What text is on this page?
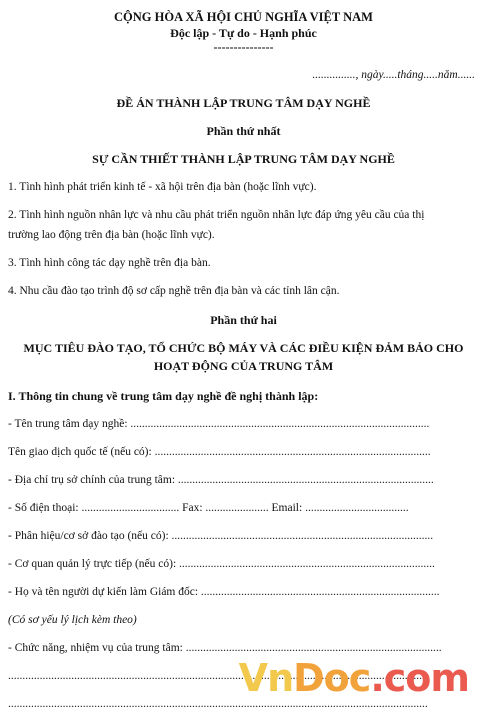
CỘNG HÒA XÃ HỘI CHỦ NGHĨA VIỆT NAM
Độc lập - Tự do - Hạnh phúc
---------------
..............., ngày.....tháng.....năm......
ĐỀ ÁN THÀNH LẬP TRUNG TÂM DẠY NGHỀ
Phần thứ nhất
SỰ CẦN THIẾT THÀNH LẬP TRUNG TÂM DẠY NGHỀ
1. Tình hình phát triển kinh tế - xã hội trên địa bàn (hoặc lĩnh vực).
2. Tình hình nguồn nhân lực và nhu cầu phát triển nguồn nhân lực đáp ứng yêu cầu của thị
trường lao động trên địa bàn (hoặc lĩnh vực).
3. Tình hình công tác dạy nghề trên địa bàn.
4. Nhu cầu đào tạo trình độ sơ cấp nghề trên địa bàn và các tỉnh lân cận.
Phần thứ hai
MỤC TIÊU ĐÀO TẠO, TỔ CHỨC BỘ MÁY VÀ CÁC ĐIỀU KIỆN ĐẢM BẢO CHO
HOẠT ĐỘNG CỦA TRUNG TÂM
I. Thông tin chung về trung tâm dạy nghề đề nghị thành lập:
- Tên trung tâm dạy nghề: ........................................................................................................
Tên giao dịch quốc tế (nếu có): ................................................................................................
- Địa chỉ trụ sở chính của trung tâm: .........................................................................................
- Số điện thoại: .................................. Fax: ...................... Email: ....................................
- Phân hiệu/cơ sở đào tạo (nếu có): ...........................................................................................
- Cơ quan quản lý trực tiếp (nếu có): .........................................................................................
- Họ và tên người dự kiến làm Giám đốc: ...................................................................................
(Có sơ yếu lý lịch kèm theo)
- Chức năng, nhiệm vụ của trung tâm: .........................................................................................
..................................................................................................................................................
..................................................................................................................................................
VnDoc.com
